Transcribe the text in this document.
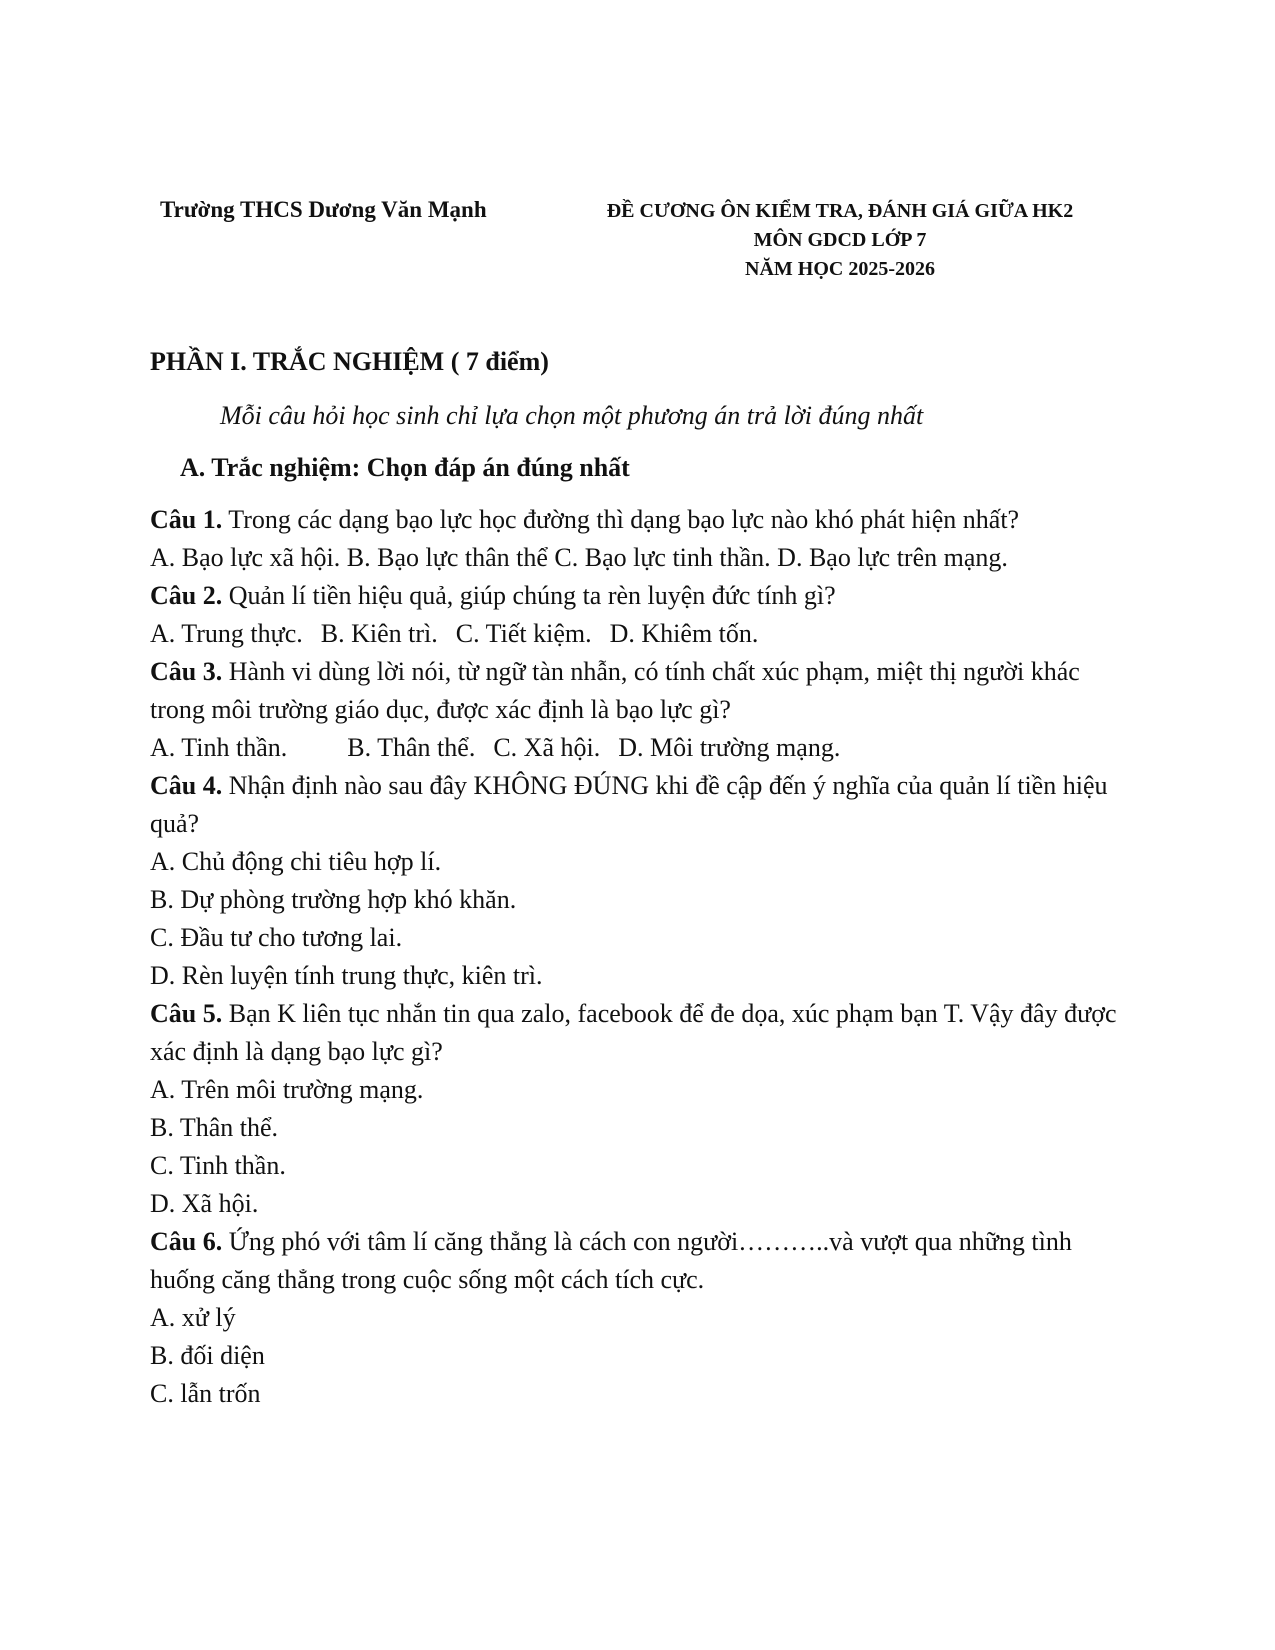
Trường THCS Dương Văn Mạnh	ĐỀ CƯƠNG ÔN KIỂM TRA, ĐÁNH GIÁ GIỮA HK2
MÔN GDCD LỚP 7
NĂM HỌC 2025-2026

PHẦN I. TRẮC NGHIỆM ( 7 điểm)

Mỗi câu hỏi học sinh chỉ lựa chọn một phương án trả lời đúng nhất

A. Trắc nghiệm: Chọn đáp án đúng nhất

Câu 1. Trong các dạng bạo lực học đường thì dạng bạo lực nào khó phát hiện nhất?

A. Bạo lực xã hội. B. Bạo lực thân thể C. Bạo lực tinh thần. D. Bạo lực trên mạng.

Câu 2. Quản lí tiền hiệu quả, giúp chúng ta rèn luyện đức tính gì?

A. Trung thực. B. Kiên trì. C. Tiết kiệm. D. Khiêm tốn.

Câu 3. Hành vi dùng lời nói, từ ngữ tàn nhẫn, có tính chất xúc phạm, miệt thị người khác trong môi trường giáo dục, được xác định là bạo lực gì?

A. Tinh thần. B. Thân thể. C. Xã hội. D. Môi trường mạng.

Câu 4. Nhận định nào sau đây KHÔNG ĐÚNG khi đề cập đến ý nghĩa của quản lí tiền hiệu quả?

A. Chủ động chi tiêu hợp lí.

B. Dự phòng trường hợp khó khăn.

C. Đầu tư cho tương lai.

D. Rèn luyện tính trung thực, kiên trì.

Câu 5. Bạn K liên tục nhắn tin qua zalo, facebook để đe dọa, xúc phạm bạn T. Vậy đây được xác định là dạng bạo lực gì?

A. Trên môi trường mạng.

B. Thân thể.

C. Tinh thần.

D. Xã hội.

Câu 6. Ứng phó với tâm lí căng thẳng là cách con người………..và vượt qua những tình huống căng thẳng trong cuộc sống một cách tích cực.

A. xử lý

B. đối diện

C. lẫn trốn
